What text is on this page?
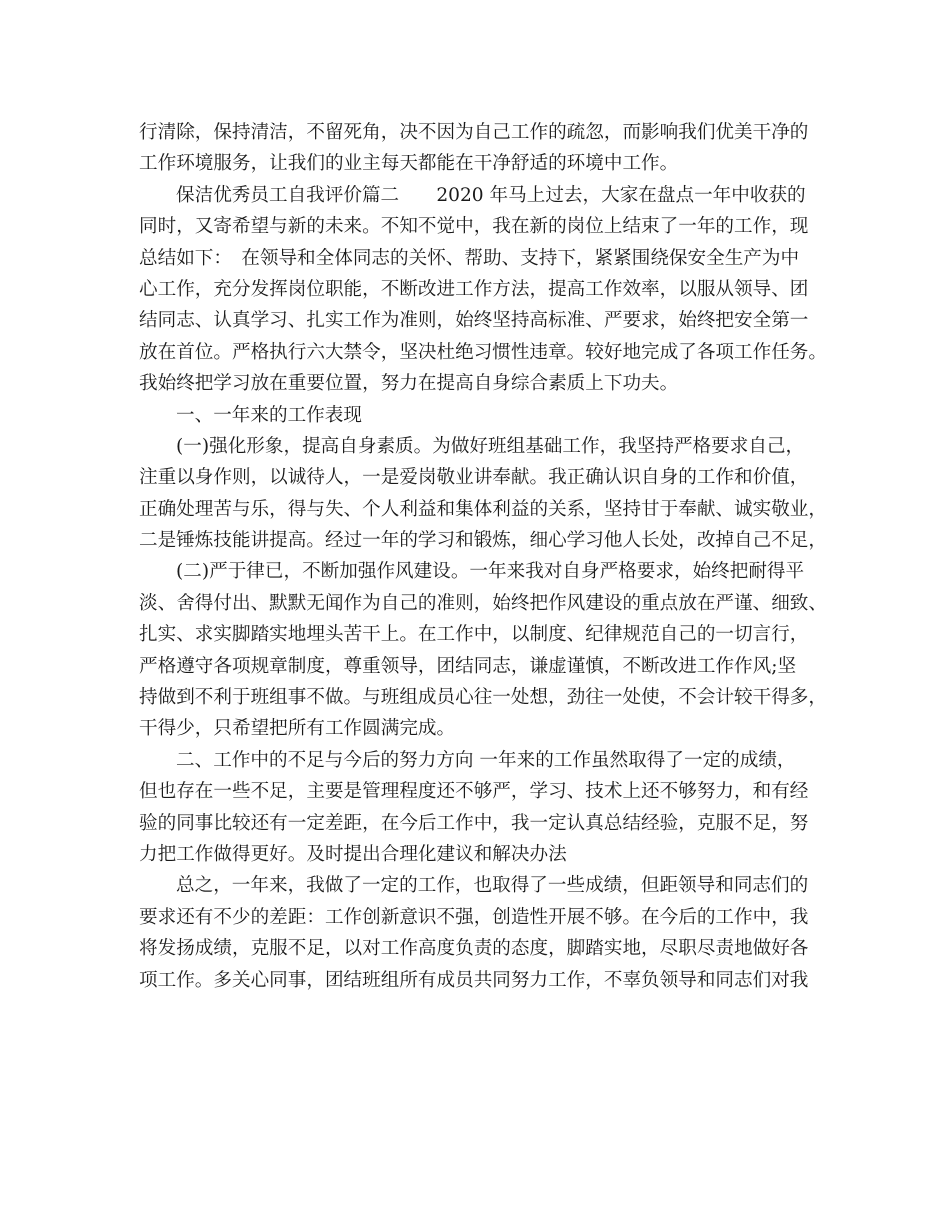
行清除，保持清洁，不留死角，决不因为自己工作的疏忽，而影响我们优美干净的
工作环境服务，让我们的业主每天都能在干净舒适的环境中工作。
保洁优秀员工自我评价篇二　　2020 年马上过去，大家在盘点一年中收获的
同时，又寄希望与新的未来。不知不觉中，我在新的岗位上结束了一年的工作，现
总结如下：　在领导和全体同志的关怀、帮助、支持下，紧紧围绕保安全生产为中
心工作，充分发挥岗位职能，不断改进工作方法，提高工作效率，以服从领导、团
结同志、认真学习、扎实工作为准则，始终坚持高标准、严要求，始终把安全第一
放在首位。严格执行六大禁令，坚决杜绝习惯性违章。较好地完成了各项工作任务。
我始终把学习放在重要位置，努力在提高自身综合素质上下功夫。
一、一年来的工作表现
(一)强化形象，提高自身素质。为做好班组基础工作，我坚持严格要求自己，
注重以身作则，以诚待人，一是爱岗敬业讲奉献。我正确认识自身的工作和价值，
正确处理苦与乐，得与失、个人利益和集体利益的关系，坚持甘于奉献、诚实敬业，
二是锤炼技能讲提高。经过一年的学习和锻炼，细心学习他人长处，改掉自己不足，
(二)严于律已，不断加强作风建设。一年来我对自身严格要求，始终把耐得平
淡、舍得付出、默默无闻作为自己的准则，始终把作风建设的重点放在严谨、细致、
扎实、求实脚踏实地埋头苦干上。在工作中，以制度、纪律规范自己的一切言行，
严格遵守各项规章制度，尊重领导，团结同志，谦虚谨慎，不断改进工作作风;坚
持做到不利于班组事不做。与班组成员心往一处想，劲往一处使，不会计较干得多，
干得少，只希望把所有工作圆满完成。
二、工作中的不足与今后的努力方向 一年来的工作虽然取得了一定的成绩，
但也存在一些不足，主要是管理程度还不够严，学习、技术上还不够努力，和有经
验的同事比较还有一定差距，在今后工作中，我一定认真总结经验，克服不足，努
力把工作做得更好。及时提出合理化建议和解决办法
总之，一年来，我做了一定的工作，也取得了一些成绩，但距领导和同志们的
要求还有不少的差距：工作创新意识不强，创造性开展不够。在今后的工作中，我
将发扬成绩，克服不足，以对工作高度负责的态度，脚踏实地，尽职尽责地做好各
项工作。多关心同事，团结班组所有成员共同努力工作，不辜负领导和同志们对我
